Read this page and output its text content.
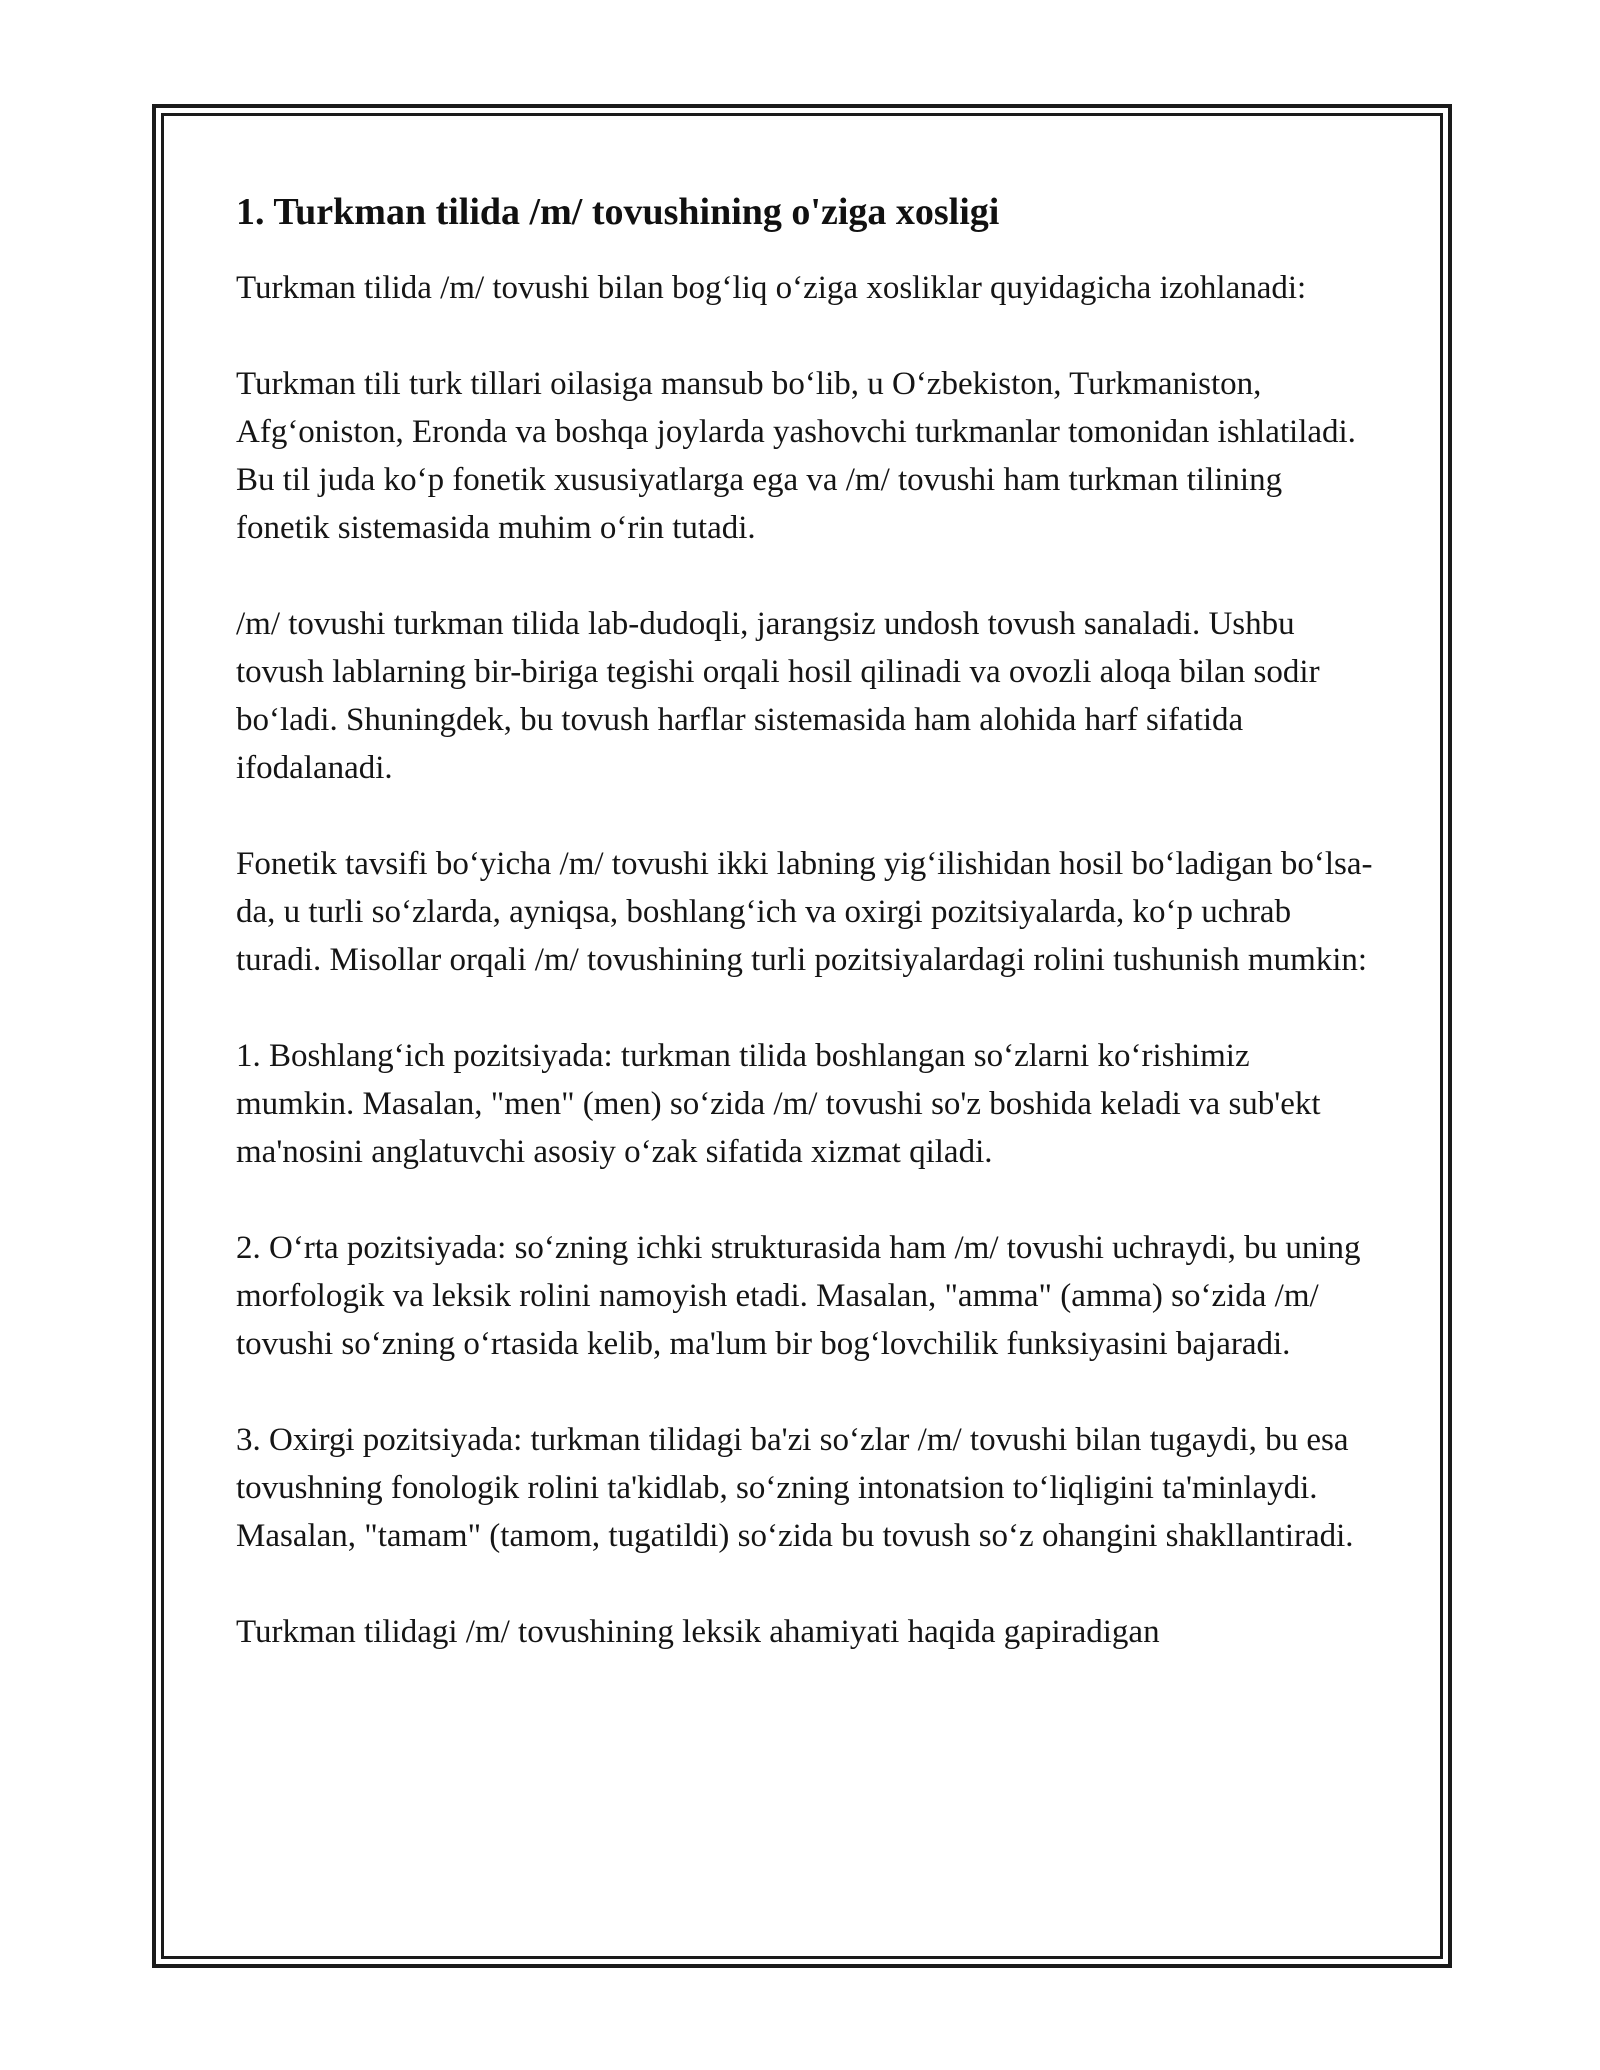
1. Turkman tilida /m/ tovushining o'ziga xosligi

Turkman tilida /m/ tovushi bilan bog‘liq o‘ziga xosliklar quyidagicha izohlanadi:

Turkman tili turk tillari oilasiga mansub bo‘lib, u O‘zbekiston, Turkmaniston, Afg‘oniston, Eronda va boshqa joylarda yashovchi turkmanlar tomonidan ishlatiladi. Bu til juda ko‘p fonetik xususiyatlarga ega va /m/ tovushi ham turkman tilining fonetik sistemasida muhim o‘rin tutadi.

/m/ tovushi turkman tilida lab-dudoqli, jarangsiz undosh tovush sanaladi. Ushbu tovush lablarning bir-biriga tegishi orqali hosil qilinadi va ovozli aloqa bilan sodir bo‘ladi. Shuningdek, bu tovush harflar sistemasida ham alohida harf sifatida ifodalanadi.

Fonetik tavsifi bo‘yicha /m/ tovushi ikki labning yig‘ilishidan hosil bo‘ladigan bo‘lsa-da, u turli so‘zlarda, ayniqsa, boshlang‘ich va oxirgi pozitsiyalarda, ko‘p uchrab turadi. Misollar orqali /m/ tovushining turli pozitsiyalardagi rolini tushunish mumkin:

1. Boshlang‘ich pozitsiyada: turkman tilida boshlangan so‘zlarni ko‘rishimiz mumkin. Masalan, "men" (men) so‘zida /m/ tovushi so'z boshida keladi va sub'ekt ma'nosini anglatuvchi asosiy o‘zak sifatida xizmat qiladi.

2. O‘rta pozitsiyada: so‘zning ichki strukturasida ham /m/ tovushi uchraydi, bu uning morfologik va leksik rolini namoyish etadi. Masalan, "amma" (amma) so‘zida /m/ tovushi so‘zning o‘rtasida kelib, ma'lum bir bog‘lovchilik funksiyasini bajaradi.

3. Oxirgi pozitsiyada: turkman tilidagi ba'zi so‘zlar /m/ tovushi bilan tugaydi, bu esa tovushning fonologik rolini ta'kidlab, so‘zning intonatsion to‘liqligini ta'minlaydi. Masalan, "tamam" (tamom, tugatildi) so‘zida bu tovush so‘z ohangini shakllantiradi.

Turkman tilidagi /m/ tovushining leksik ahamiyati haqida gapiradigan
